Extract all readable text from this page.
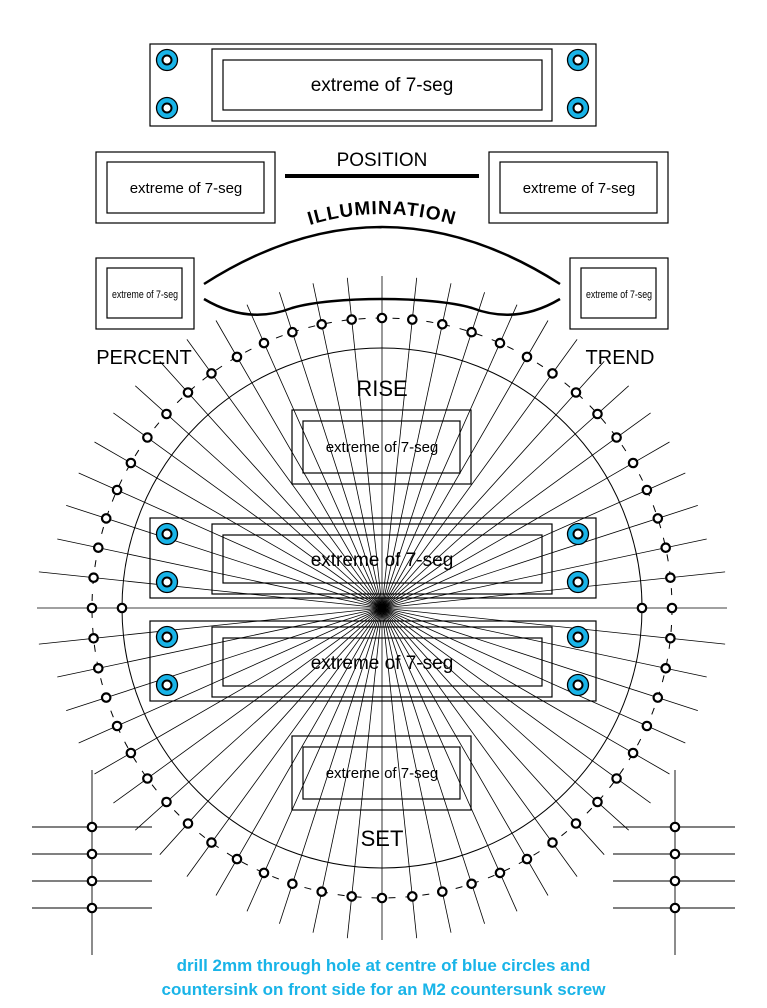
extreme of 7-seg
POSITION
extreme of 7-seg	extreme of 7-seg
ILLUMINATION
extreme of 7-seg	extreme of 7-seg
PERCENT	TREND
RISE
SET
extreme of 7-seg
extreme of 7-seg
extreme of 7-seg
extreme of 7-seg
drill 2mm through hole at centre of blue circles and
countersink on front side for an M2 countersunk screw
